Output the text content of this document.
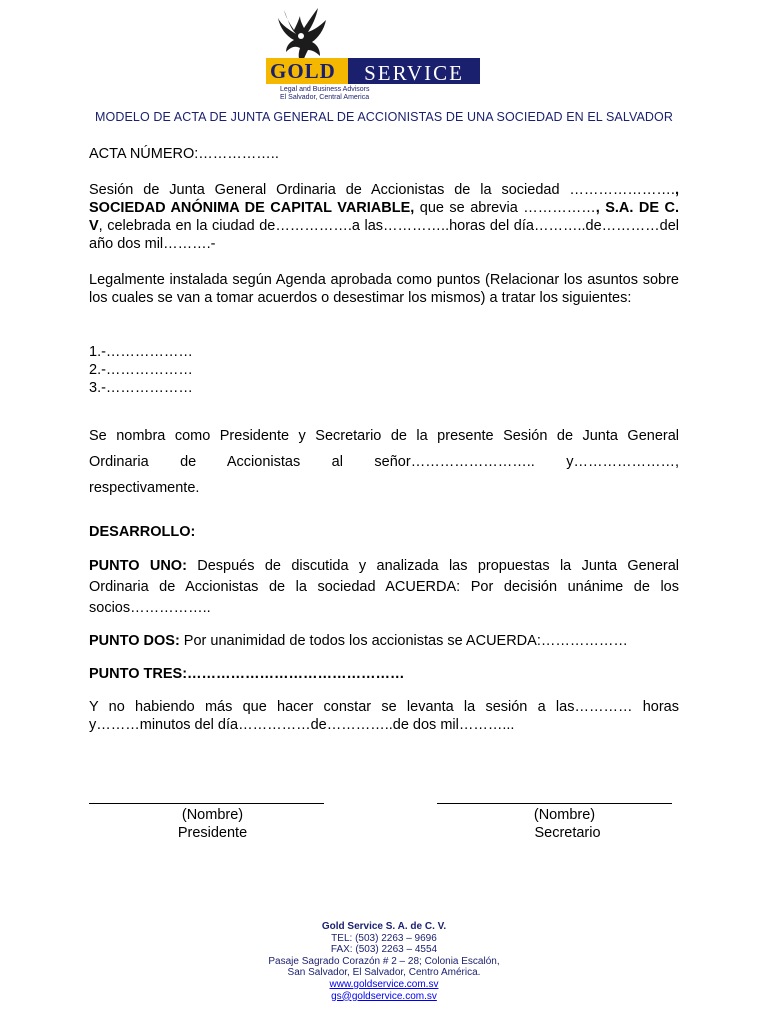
GOLD	SERVICE
Legal and Business Advisors
El Salvador, Central America
MODELO DE ACTA DE JUNTA GENERAL DE ACCIONISTAS DE UNA SOCIEDAD EN EL SALVADOR
ACTA NÚMERO:……………..
Sesión de Junta General Ordinaria de Accionistas de la sociedad …………………., SOCIEDAD ANÓNIMA DE CAPITAL VARIABLE, que se abrevia ……………, S.A. DE C. V, celebrada en la ciudad de…………….a las…………..horas del día………..de…………del año dos mil……….-
Legalmente instalada según Agenda aprobada como puntos (Relacionar los asuntos sobre los cuales se van a tomar acuerdos o desestimar los mismos) a tratar los siguientes:
1.-………………
2.-………………
3.-………………
Se nombra como Presidente y Secretario de la presente Sesión de Junta General
Ordinaria de Accionistas al señor…………………….. y…………………,
respectivamente.
DESARROLLO:
PUNTO UNO: Después de discutida y analizada las propuestas la Junta General
Ordinaria de Accionistas de la sociedad ACUERDA: Por decisión unánime de los
socios……………..
PUNTO DOS: Por unanimidad de todos los accionistas se ACUERDA:………………
PUNTO TRES:………………………………………
Y no habiendo más que hacer constar se levanta la sesión a las………… horas
y………minutos del día……………de…………..de dos mil………...
(Nombre)
Presidente
(Nombre)
Secretario
Gold Service S. A. de C. V.
TEL: (503) 2263 – 9696
FAX: (503) 2263 – 4554
Pasaje Sagrado Corazón # 2 – 28; Colonia Escalón,
San Salvador, El Salvador, Centro América.
www.goldservice.com.sv
gs@goldservice.com.sv
